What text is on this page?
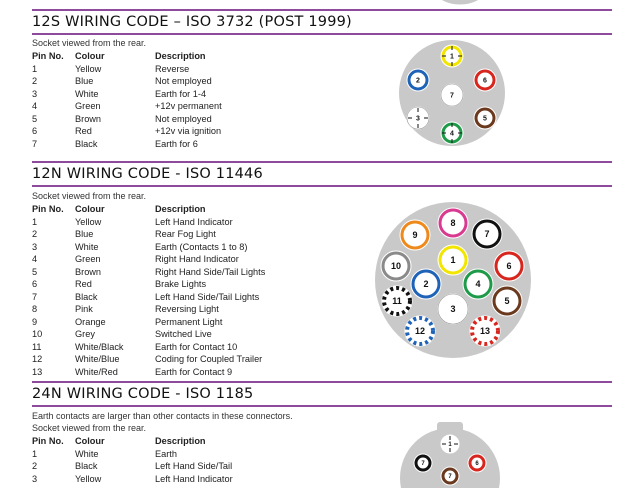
12S WIRING CODE – ISO 3732 (POST 1999)
Socket viewed from the rear.
Pin No. Colour	Description
1	Yellow	Reverse
2	Blue	Not employed
3	White	Earth for 1-4
4	Green	+12v permanent
5	Brown	Not employed
6	Red	+12v via ignition
7	Black	Earth for 6
1
2
3
4
5
6
7
12N WIRING CODE - ISO 11446
Socket viewed from the rear.
Pin No. Colour	Description
1	Yellow	Left Hand Indicator
2	Blue	Rear Fog Light
3	White	Earth (Contacts 1 to 8)
4	Green	Right Hand Indicator
5	Brown	Right Hand Side/Tail Lights
6	Red	Brake Lights
7	Black	Left Hand Side/Tail Lights
8	Pink	Reversing Light
9	Orange	Permanent Light
10	Grey	Switched Live
11	White/Black	Earth for Contact 10
12	White/Blue	Coding for Coupled Trailer
13	White/Red	Earth for Contact 9
1
2
3
4
5
6
7
8
9
10
11
12	13
24N WIRING CODE - ISO 1185
Earth contacts are larger than other contacts in these connectors.
Socket viewed from the rear.
Pin No. Colour	Description
1	White	Earth
2	Black	Left Hand Side/Tail
3	Yellow	Left Hand Indicator
1
7	6
7
